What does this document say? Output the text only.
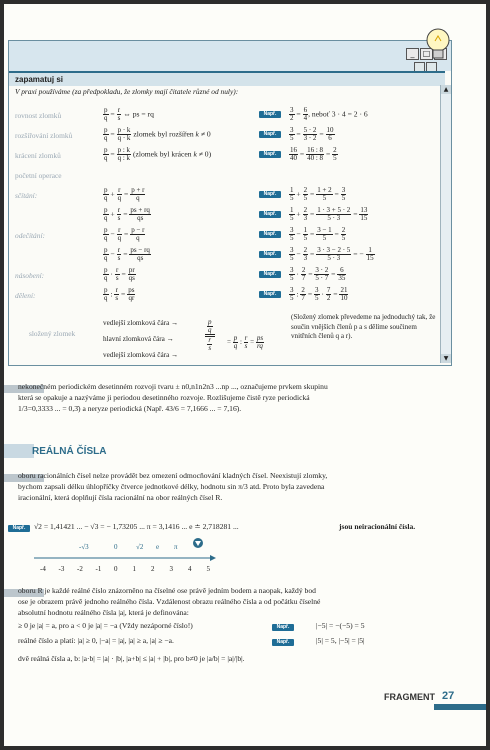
_ □
zapamatuj si
▲
▼
V praxi používáme (za předpokladu, že zlomky mají čitatele různé od nuly):
rovnost zlomků	$\frac{p}{q} = \frac{r}{s}$ ⇔ ps = rq	Např.	$\frac{3}{2} = \frac{6}{4}$ , neboť 3 · 4 = 2 · 6
rozšiřování zlomků	$\frac{p}{q} = \frac{p \cdot k}{q \cdot k}$ zlomek byl rozšířen k ≠ 0	Např.	$\frac{3}{5} = \frac{5 \cdot 2}{3 \cdot 2} = \frac{10}{6}$
krácení zlomků	$\frac{p}{q} = \frac{p : k}{q : k}$ (zlomek byl krácen k ≠ 0)	Např.	$\frac{16}{40} = \frac{16 : 8}{40 : 8} = \frac{2}{5}$
početní operace
sčítání:	$\frac{p}{q} + \frac{r}{q} = \frac{p + r}{q}$	Např.	$\frac{1}{5} + \frac{2}{5} = \frac{1 + 2}{5} = \frac{3}{5}$
$\frac{p}{q} + \frac{r}{s} = \frac{ps + rq}{qs}$	Např.	$\frac{1}{5} + \frac{2}{3} = \frac{1 \cdot 3 + 5 \cdot 2}{5 \cdot 3} = \frac{13}{15}$
odečítání:	$\frac{p}{q} - \frac{r}{q} = \frac{p - r}{q}$	Např.	$\frac{3}{5} - \frac{1}{5} = \frac{3 - 1}{5} = \frac{2}{5}$
$\frac{p}{q} - \frac{r}{s} = \frac{ps - rq}{qs}$	Např.	$\frac{3}{5} - \frac{2}{3} = \frac{3 \cdot 3 - 2 \cdot 5}{5 \cdot 3}$ = − $\frac{1}{15}$
násobení:	$\frac{p}{q} \cdot \frac{r}{s} = \frac{pr}{qs}$	Např.	$\frac{3}{5} \cdot \frac{2}{7} = \frac{3 \cdot 2}{5 \cdot 7} = \frac{6}{35}$
dělení:	$\frac{p}{q}$ : $\frac{r}{s} = \frac{ps}{qr}$	Např.	$\frac{3}{5}$ : $\frac{2}{7} = \frac{3}{5} \cdot \frac{7}{2} = \frac{21}{10}$
složený zlomek
vedlejší zlomková čára →
hlavní zlomková čára →
vedlejší zlomková čára →
$\frac{p}{q}$
$\frac{r}{s} = \frac{p}{q}$ : $\frac{r}{s} = \frac{ps}{rq}$
(Složený zlomek převedeme na jednoduchý tak, že součin vnějších členů p a s dělíme součinem vnitřních členů q a r).
nekonečném periodickém desetinném rozvoji tvaru ± n0,n1n2n3 ...np ..., označujeme prvkem skupinu
která se opakuje a nazýváme ji periodou desetinného rozvoje. Rozlišujeme čistě ryze periodická
1/3=0,3333 ... = 0,3̄) a neryze periodická (Např. 43/6 = 7,1666 ... = 7,16̄).
REÁLNÁ ČÍSLA
oboru racionálních čísel nelze provádět bez omezení odmocňování kladných čísel. Neexistují zlomky,
bychom zapsali délku úhlopříčky čtverce jednotkové délky, hodnotu sin π/3 atd. Proto byla zavedena
iracionální, která doplňují čísla racionální na obor reálných čísel R.
Např.	√2 = 1,41421 ... − √3 = − 1,73205 ... π = 3,1416 ... e ≐ 2,718281 ...	jsou neiracionální čísla.
oboru R je každé reálné číslo znázorněno na číselné ose právě jedním bodem a naopak, každý bod
ose je obrazem právě jednoho reálného čísla. Vzdálenost obrazu reálného čísla a od počátku číselné
absolutní hodnotu reálného čísla |a|, která je definována:
≥ 0 je |a| = a, pro a < 0 je |a| = −a (Vždy nezáporné číslo!)	Např.	|−5| = −(−5) = 5
reálné číslo a platí: |a| ≥ 0, |−a| = |a|, |a| ≥ a, |a| ≥ −a.	Např.	|5| = 5, |−5| = |5|
dvě reálná čísla a, b: |a·b| = |a| · |b|, |a+b| ≤ |a| + |b|, pro b≠0 je |a/b| = |a|/|b|.
FRAGMENT 27
-4 -3 -2 -1 0 1 2 3 4 5
-√3	0	√2 e π
